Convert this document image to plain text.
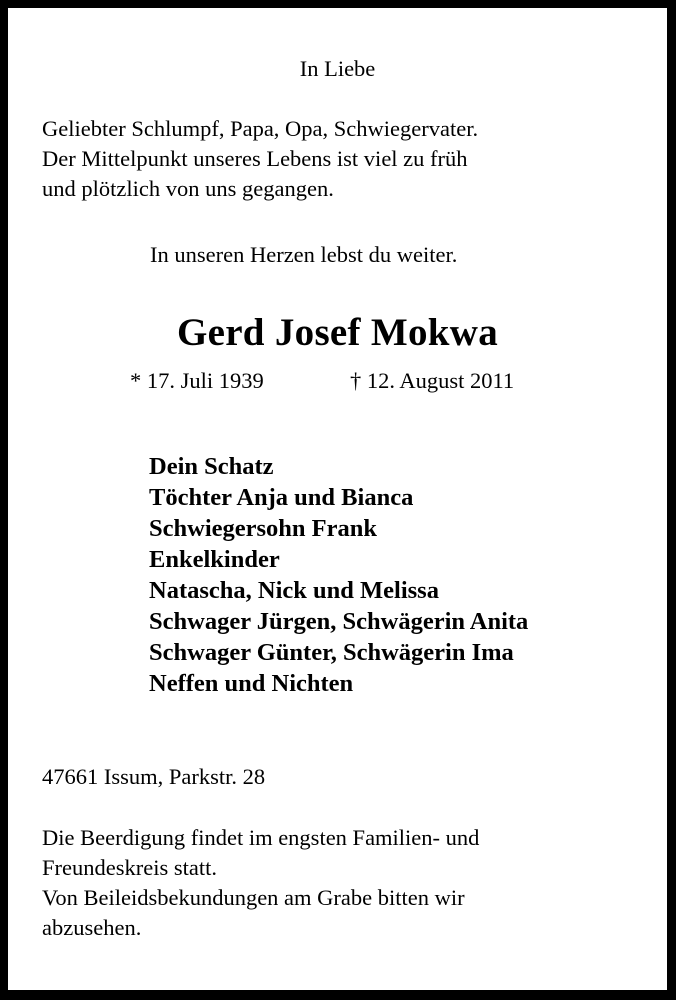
In Liebe
Geliebter Schlumpf, Papa, Opa, Schwiegervater.
Der Mittelpunkt unseres Lebens ist viel zu früh
und plötzlich von uns gegangen.
In unseren Herzen lebst du weiter.
Gerd Josef Mokwa
* 17. Juli 1939	† 12. August 2011
Dein Schatz
Töchter Anja und Bianca
Schwiegersohn Frank
Enkelkinder
Natascha, Nick und Melissa
Schwager Jürgen, Schwägerin Anita
Schwager Günter, Schwägerin Ima
Neffen und Nichten
47661 Issum, Parkstr. 28
Die Beerdigung findet im engsten Familien- und
Freundeskreis statt.
Von Beileidsbekundungen am Grabe bitten wir
abzusehen.
